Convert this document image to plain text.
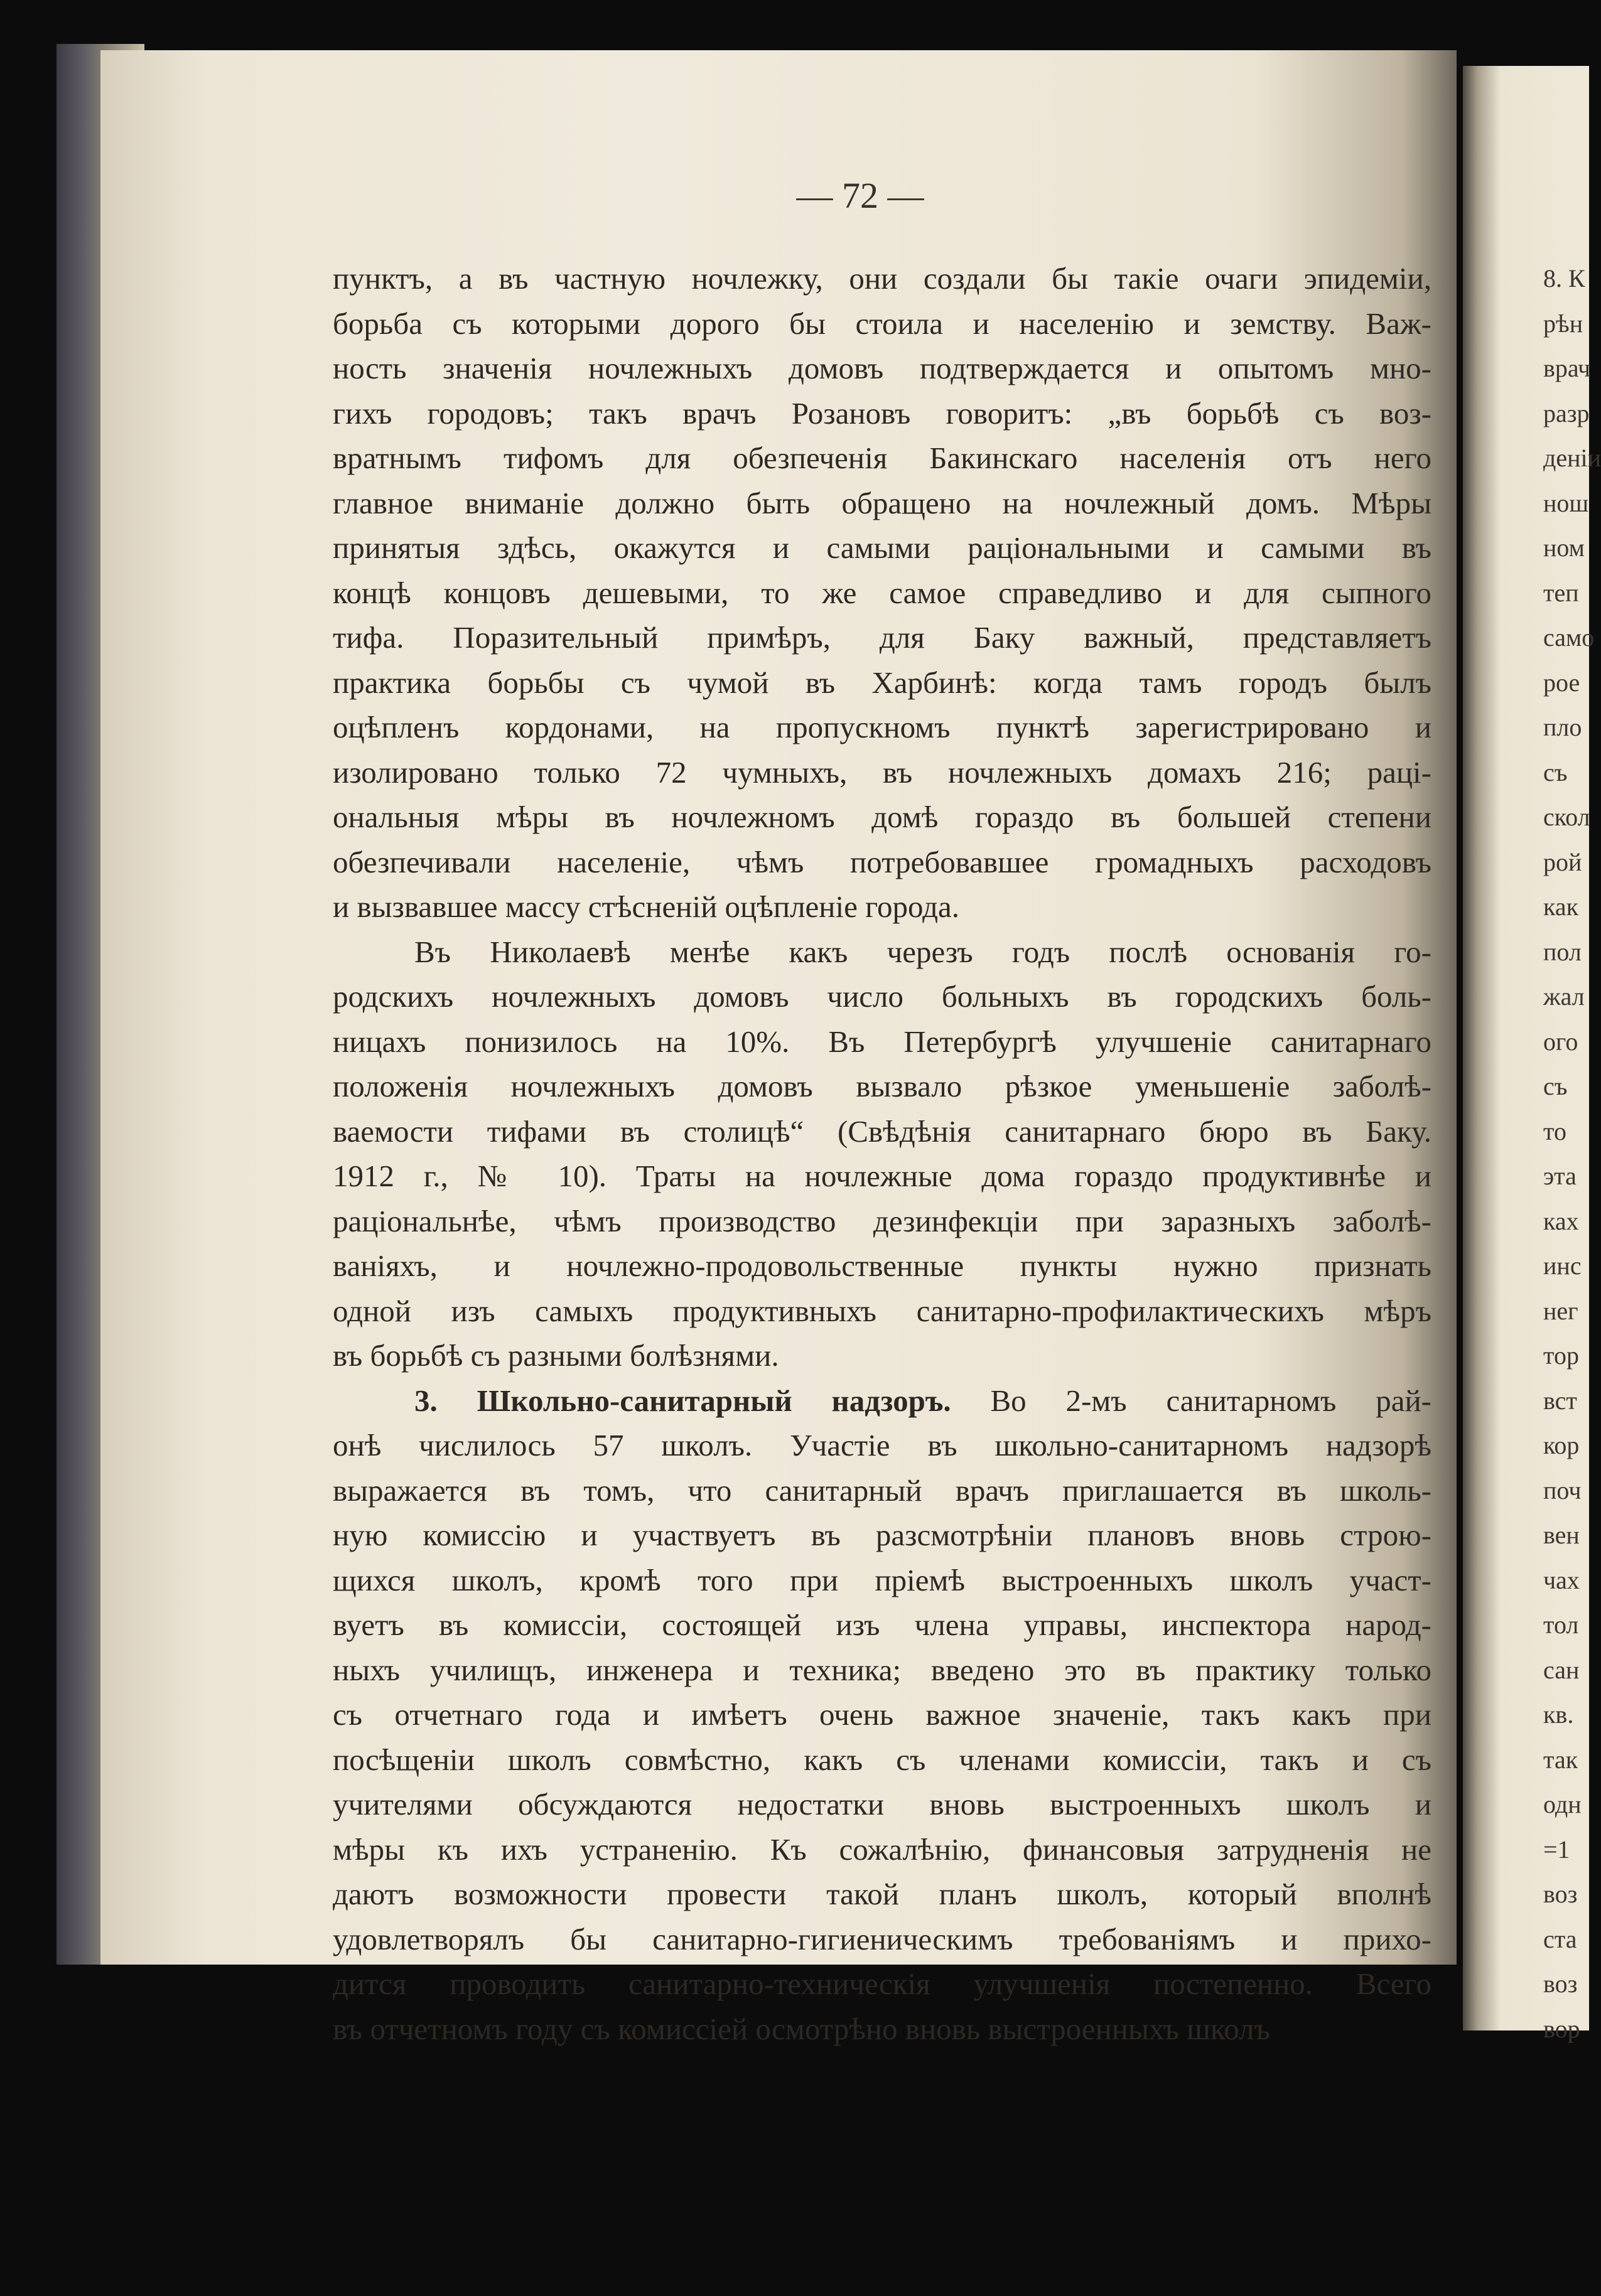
— 72 —
пунктъ, а въ частную ночлежку, они создали бы такіе очаги эпидеміи,
борьба съ которыми дорого бы стоила и населенію и земству. Важ-
ность значенія ночлежныхъ домовъ подтверждается и опытомъ мно-
гихъ городовъ; такъ врачъ Розановъ говоритъ: „въ борьбѣ съ воз-
вратнымъ тифомъ для обезпеченія Бакинскаго населенія отъ него
главное вниманіе должно быть обращено на ночлежный домъ. Мѣры
принятыя здѣсь, окажутся и самыми раціональными и самыми въ
концѣ концовъ дешевыми, то же самое справедливо и для сыпного
тифа. Поразительный примѣръ, для Баку важный, представляетъ
практика борьбы съ чумой въ Харбинѣ: когда тамъ городъ былъ
оцѣпленъ кордонами, на пропускномъ пунктѣ зарегистрировано и
изолировано только 72 чумныхъ, въ ночлежныхъ домахъ 216; раці-
ональныя мѣры въ ночлежномъ домѣ гораздо въ большей степени
обезпечивали населеніе, чѣмъ потребовавшее громадныхъ расходовъ
и вызвавшее массу стѣсненій оцѣпленіе города.
Въ Николаевѣ менѣе какъ черезъ годъ послѣ основанія го-
родскихъ ночлежныхъ домовъ число больныхъ въ городскихъ боль-
ницахъ понизилось на 10%. Въ Петербургѣ улучшеніе санитарнаго
положенія ночлежныхъ домовъ вызвало рѣзкое уменьшеніе заболѣ-
ваемости тифами въ столицѣ“ (Свѣдѣнія санитарнаго бюро въ Баку.
1912 г., № 10). Траты на ночлежные дома гораздо продуктивнѣе и
раціональнѣе, чѣмъ производство дезинфекціи при заразныхъ заболѣ-
ваніяхъ, и ночлежно-продовольственные пункты нужно признать
одной изъ самыхъ продуктивныхъ санитарно-профилактическихъ мѣръ
въ борьбѣ съ разными болѣзнями.
3. Школьно-санитарный надзоръ. Во 2-мъ санитарномъ рай-
онѣ числилось 57 школъ. Участіе въ школьно-санитарномъ надзорѣ
выражается въ томъ, что санитарный врачъ приглашается въ школь-
ную комиссію и участвуетъ въ разсмотрѣніи плановъ вновь строю-
щихся школъ, кромѣ того при пріемѣ выстроенныхъ школъ участ-
вуетъ въ комиссіи, состоящей изъ члена управы, инспектора народ-
ныхъ училищъ, инженера и техника; введено это въ практику только
съ отчетнаго года и имѣетъ очень важное значеніе, такъ какъ при
посѣщеніи школъ совмѣстно, какъ съ членами комиссіи, такъ и съ
учителями обсуждаются недостатки вновь выстроенныхъ школъ и
мѣры къ ихъ устраненію. Къ сожалѣнію, финансовыя затрудненія не
даютъ возможности провести такой планъ школъ, который вполнѣ
удовлетворялъ бы санитарно-гигиеническимъ требованіямъ и прихо-
дится проводить санитарно-техническія улучшенія постепенно. Всего
въ отчетномъ году съ комиссіей осмотрѣно вновь выстроенныхъ школъ
8. К
рѣн
врач
разр
деніи
нош
ном
теп
само
рое
пло
съ
скол
рой
как
пол
жал
ого
съ
то
эта
ках
инс
нег
тор
вст
кор
поч
вен
чах
тол
сан
кв.
так
одн
=1
воз
ста
воз
вор
